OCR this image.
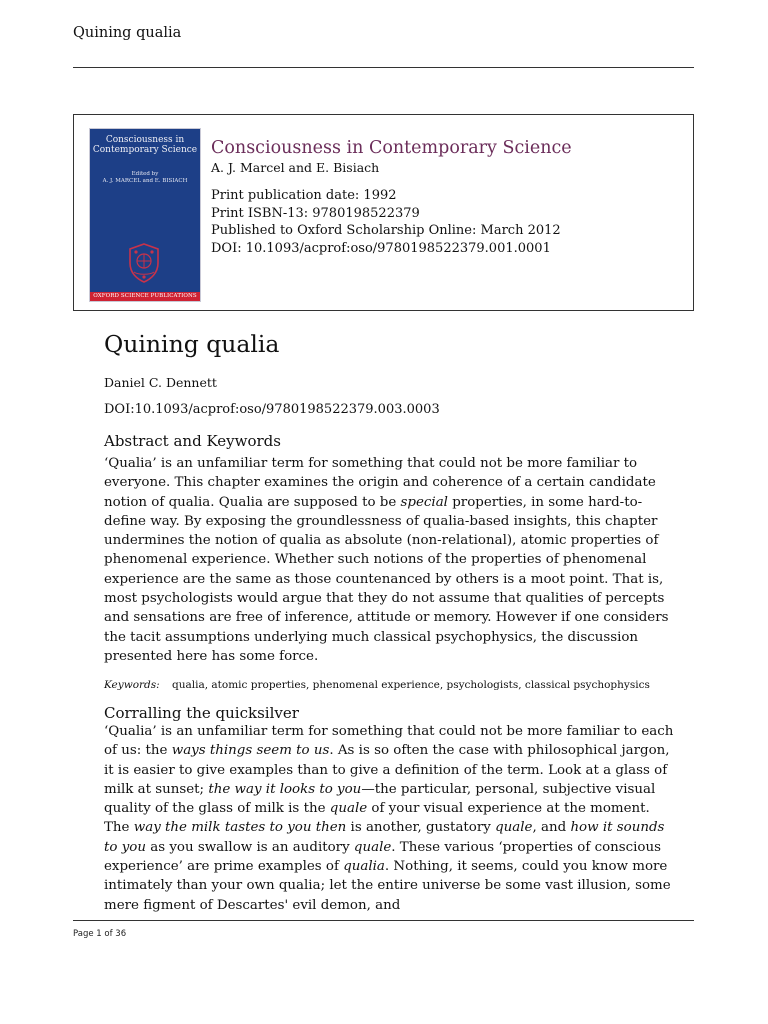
Quining qualia
Consciousness in Contemporary Science
Edited by
A. J. MARCEL and E. BISIACH
OXFORD SCIENCE PUBLICATIONS
Consciousness in Contemporary Science
A. J. Marcel and E. Bisiach
Print publication date: 1992
Print ISBN-13: 9780198522379
Published to Oxford Scholarship Online: March 2012
DOI: 10.1093/acprof:oso/9780198522379.001.0001
Quining qualia
Daniel C. Dennett
DOI:10.1093/acprof:oso/9780198522379.003.0003
Abstract and Keywords

‘Qualia’ is an unfamiliar term for something that could not be more familiar to everyone. This chapter examines the origin and coherence of a certain candidate notion of qualia. Qualia are supposed to be special properties, in some hard-to-define way. By exposing the groundlessness of qualia-based insights, this chapter undermines the notion of qualia as absolute (non-relational), atomic properties of phenomenal experience. Whether such notions of the properties of phenomenal experience are the same as those countenanced by others is a moot point. That is, most psychologists would argue that they do not assume that qualities of percepts and sensations are free of inference, attitude or memory. However if one considers the tacit assumptions underlying much classical psychophysics, the discussion presented here has some force.

Keywords: qualia, atomic properties, phenomenal experience, psychologists, classical psychophysics
Corralling the quicksilver

‘Qualia’ is an unfamiliar term for something that could not be more familiar to each of us: the ways things seem to us. As is so often the case with philosophical jargon, it is easier to give examples than to give a definition of the term. Look at a glass of milk at sunset; the way it looks to you—the particular, personal, subjective visual quality of the glass of milk is the quale of your visual experience at the moment. The way the milk tastes to you then is another, gustatory quale, and how it sounds to you as you swallow is an auditory quale. These various ‘properties of conscious experience’ are prime examples of qualia. Nothing, it seems, could you know more intimately than your own qualia; let the entire universe be some vast illusion, some mere figment of Descartes' evil demon, and

Page 1 of 36
